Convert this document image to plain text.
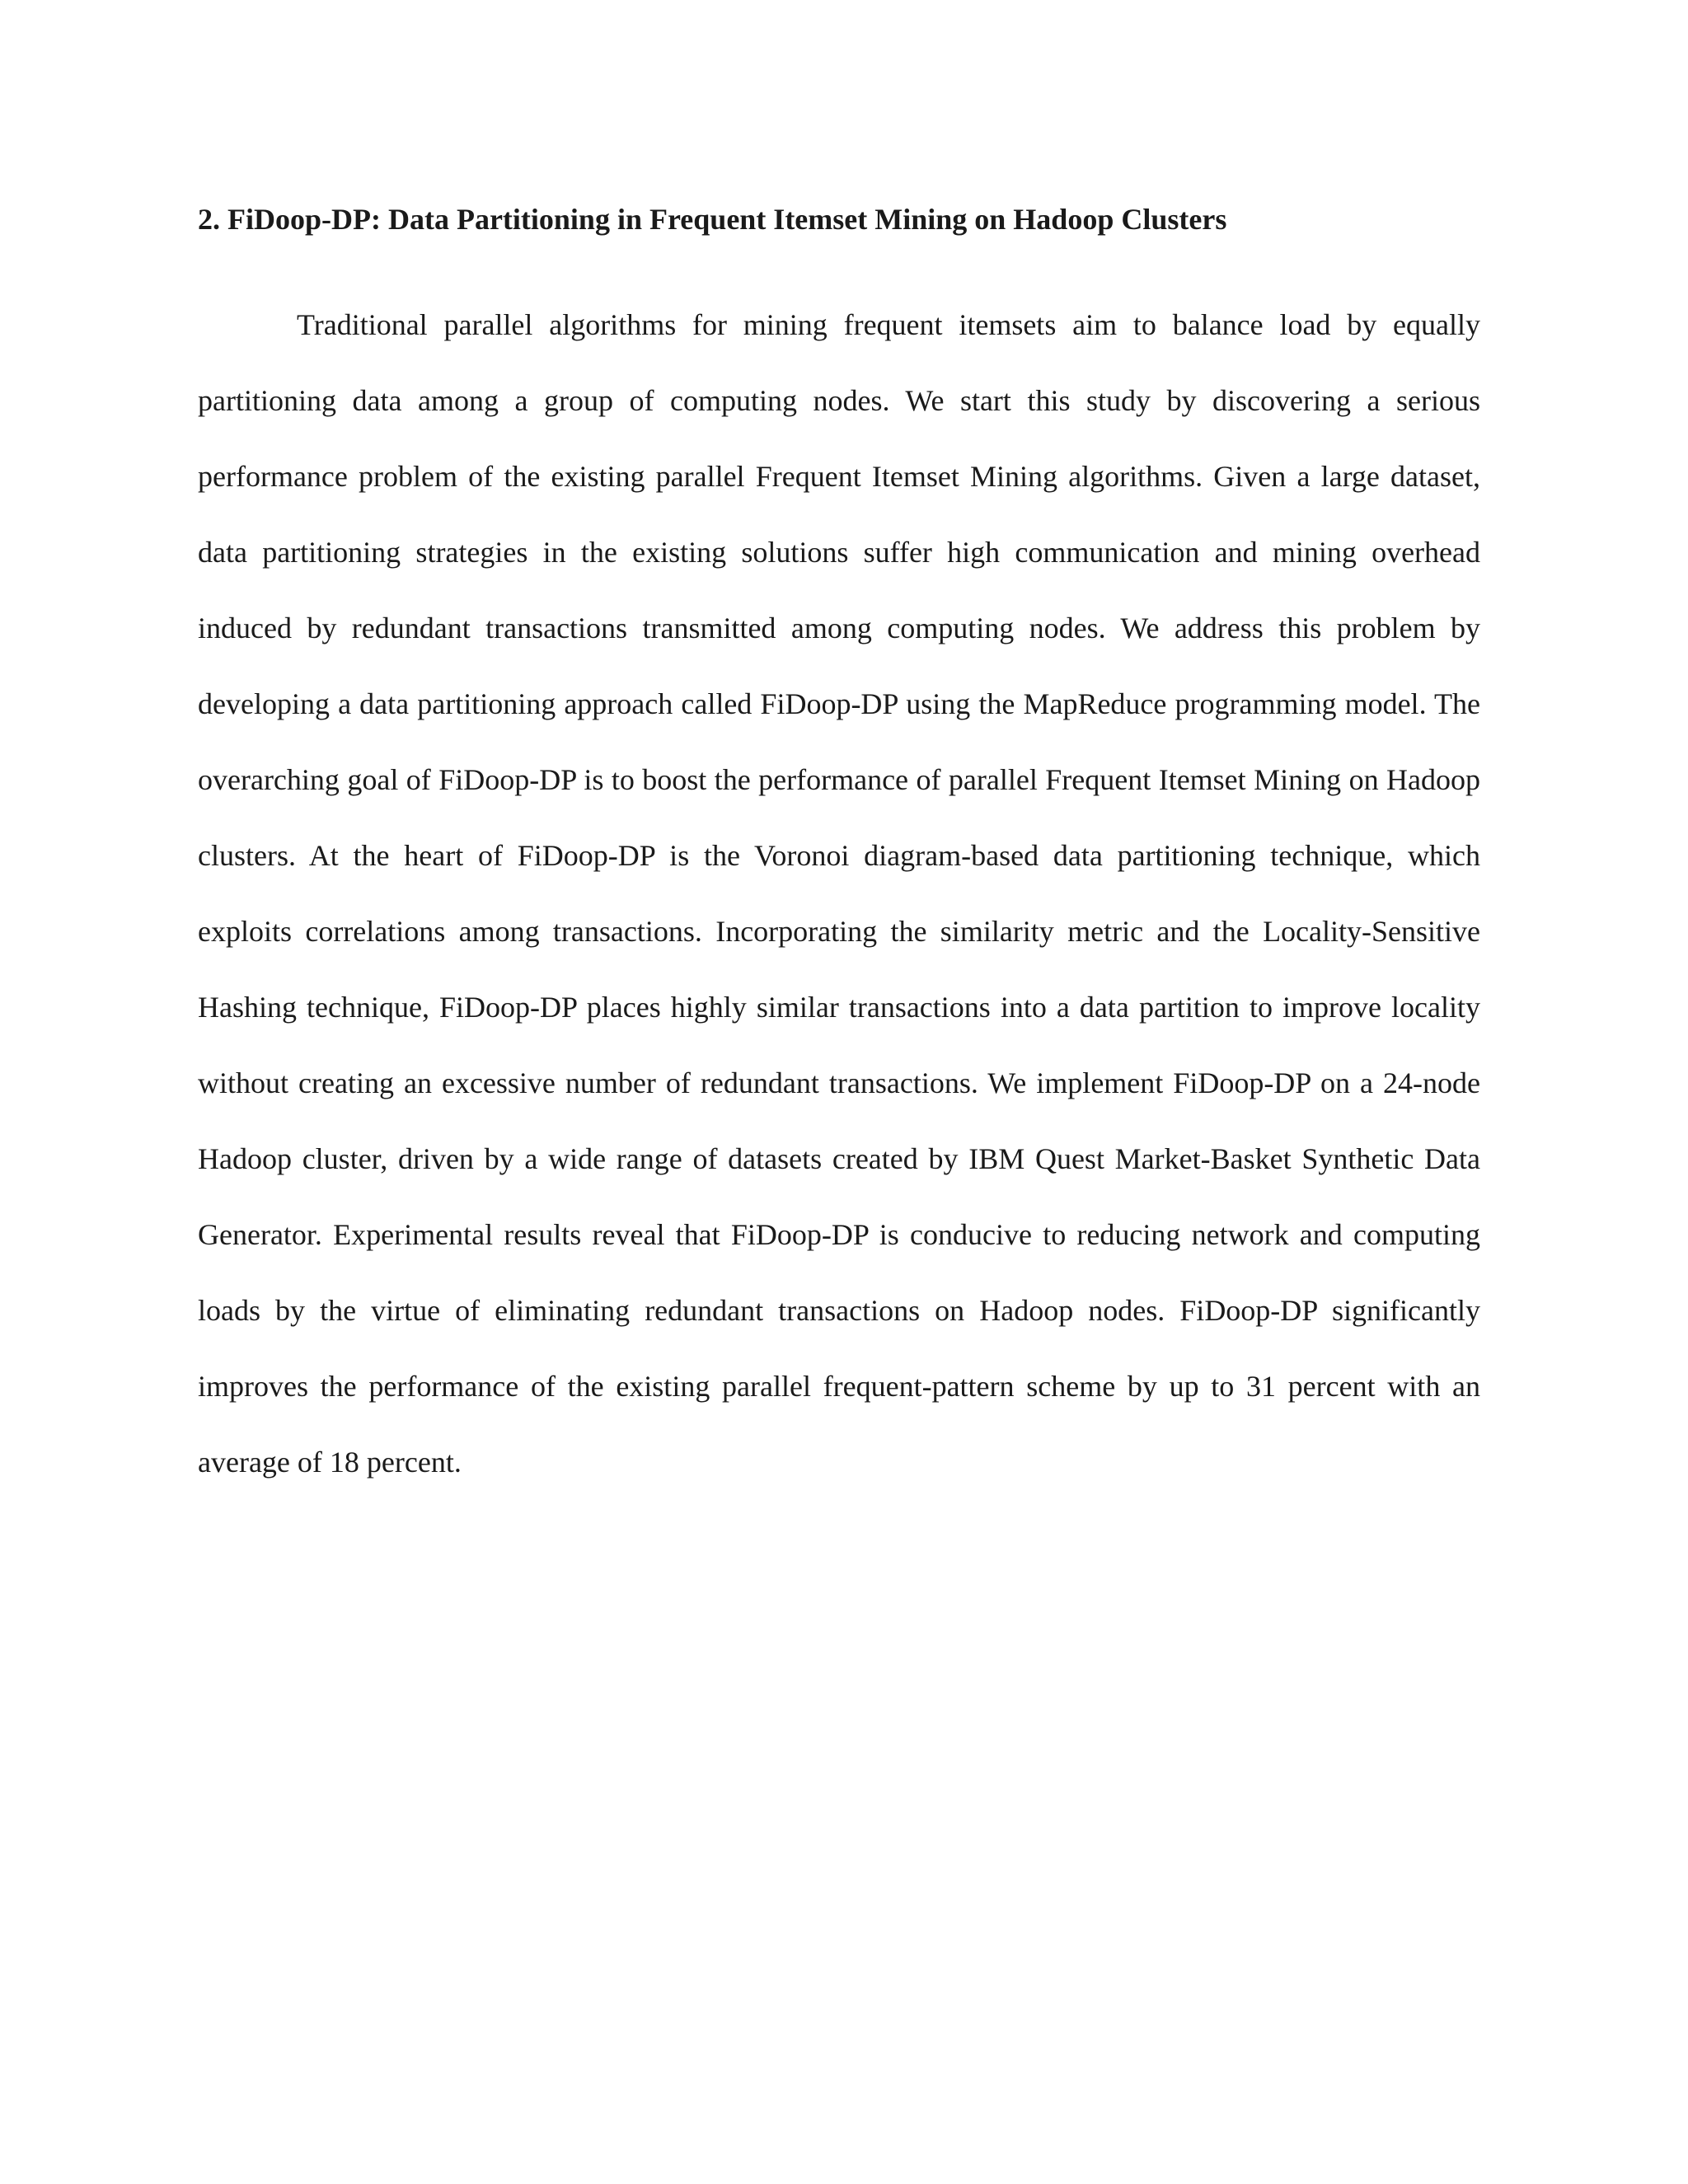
2. FiDoop-DP: Data Partitioning in Frequent Itemset Mining on Hadoop Clusters

Traditional parallel algorithms for mining frequent itemsets aim to balance load by equally partitioning data among a group of computing nodes. We start this study by discovering a serious performance problem of the existing parallel Frequent Itemset Mining algorithms. Given a large dataset, data partitioning strategies in the existing solutions suffer high communication and mining overhead induced by redundant transactions transmitted among computing nodes. We address this problem by developing a data partitioning approach called FiDoop-DP using the MapReduce programming model. The overarching goal of FiDoop-DP is to boost the performance of parallel Frequent Itemset Mining on Hadoop clusters. At the heart of FiDoop-DP is the Voronoi diagram-based data partitioning technique, which exploits correlations among transactions. Incorporating the similarity metric and the Locality-Sensitive Hashing technique, FiDoop-DP places highly similar transactions into a data partition to improve locality without creating an excessive number of redundant transactions. We implement FiDoop-DP on a 24-node Hadoop cluster, driven by a wide range of datasets created by IBM Quest Market-Basket Synthetic Data Generator. Experimental results reveal that FiDoop-DP is conducive to reducing network and computing loads by the virtue of eliminating redundant transactions on Hadoop nodes. FiDoop-DP significantly improves the performance of the existing parallel frequent-pattern scheme by up to 31 percent with an average of 18 percent.
